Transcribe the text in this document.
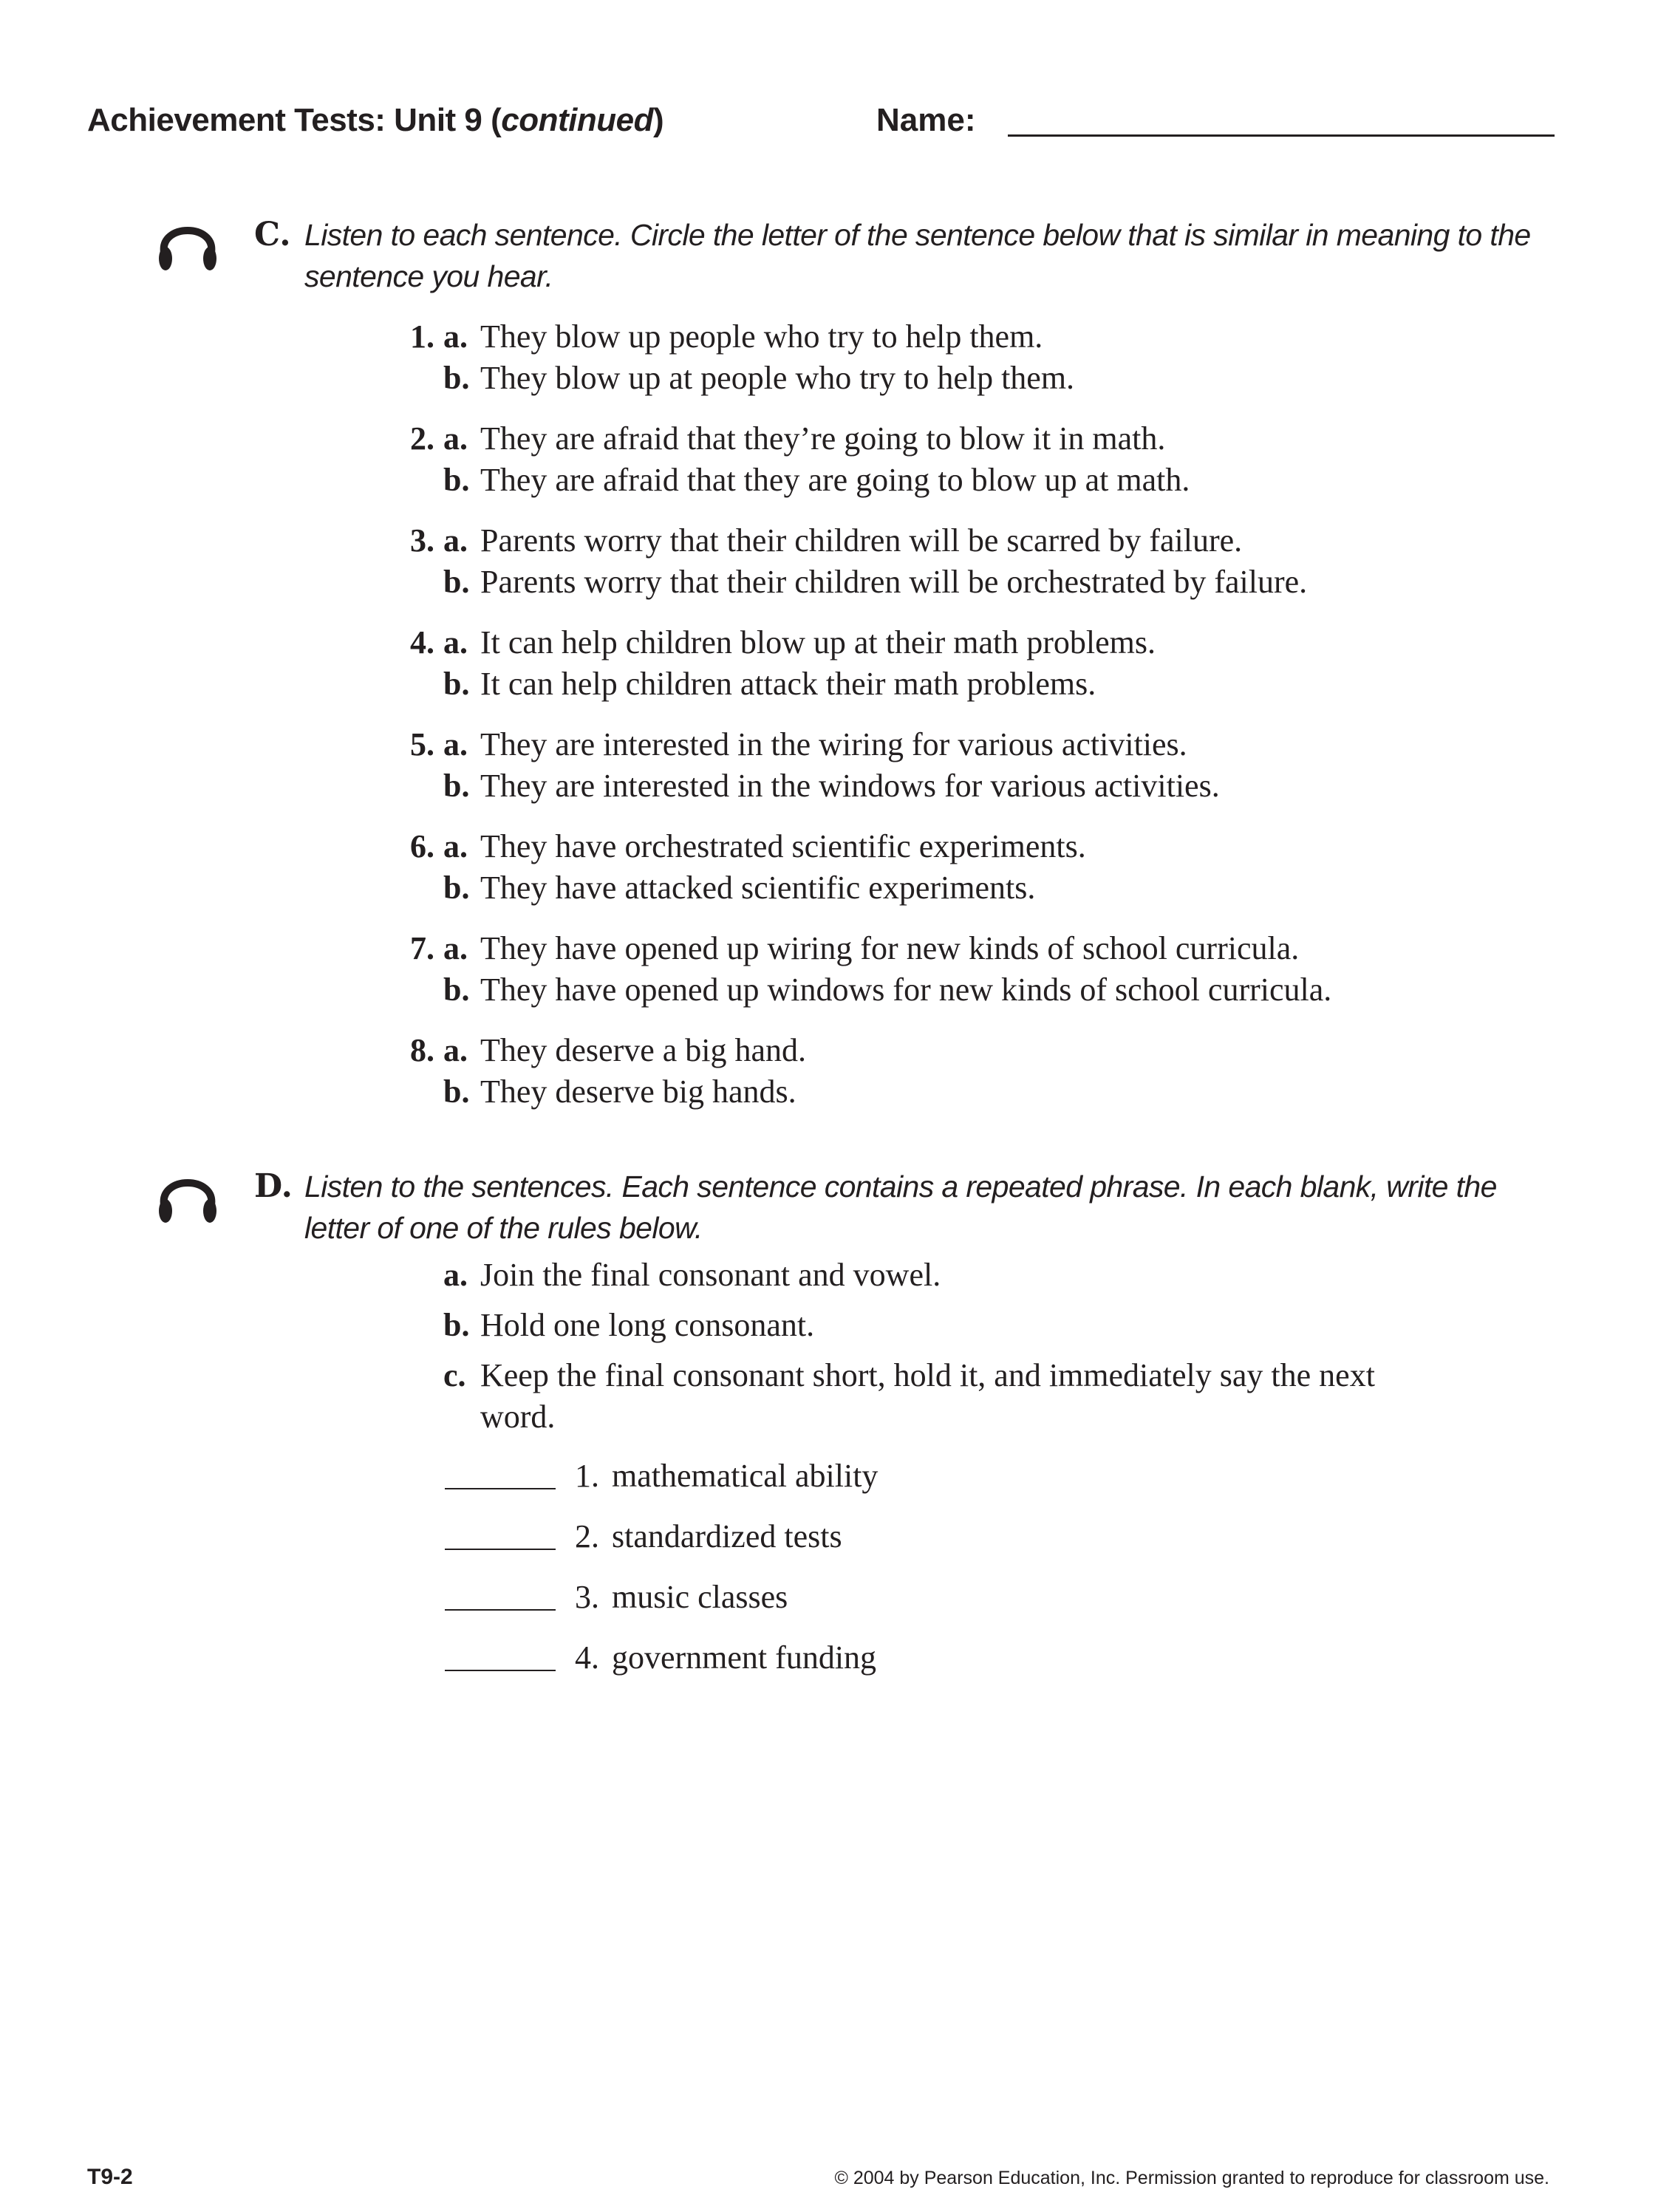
Achievement Tests: Unit 9 (continued)	Name:
C. Listen to each sentence. Circle the letter of the sentence below that is similar in meaning to the sentence you hear.
1. a. They blow up people who try to help them.
b. They blow up at people who try to help them.
2. a. They are afraid that they’re going to blow it in math.
b. They are afraid that they are going to blow up at math.
3. a. Parents worry that their children will be scarred by failure.
b. Parents worry that their children will be orchestrated by failure.
4. a. It can help children blow up at their math problems.
b. It can help children attack their math problems.
5. a. They are interested in the wiring for various activities.
b. They are interested in the windows for various activities.
6. a. They have orchestrated scientific experiments.
b. They have attacked scientific experiments.
7. a. They have opened up wiring for new kinds of school curricula.
b. They have opened up windows for new kinds of school curricula.
8. a. They deserve a big hand.
b. They deserve big hands.
D. Listen to the sentences. Each sentence contains a repeated phrase. In each blank, write the letter of one of the rules below.
a. Join the final consonant and vowel.
b. Hold one long consonant.
c. Keep the final consonant short, hold it, and immediately say the next
word.
1. mathematical ability
2. standardized tests
3. music classes
4. government funding
T9-2	© 2004 by Pearson Education, Inc. Permission granted to reproduce for classroom use.
